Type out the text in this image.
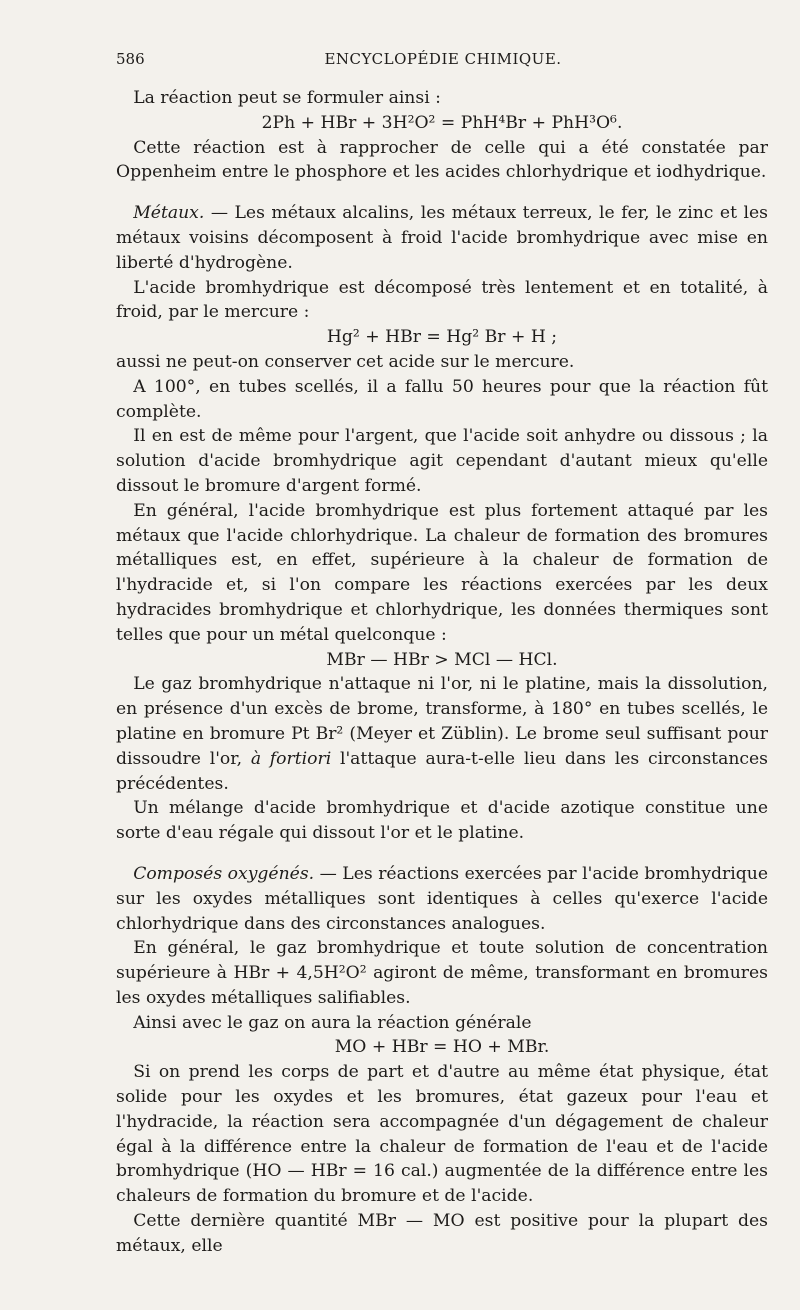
586	ENCYCLOPÉDIE CHIMIQUE.

La réaction peut se formuler ainsi :

2Ph + HBr + 3H²O² = PhH⁴Br + PhH³O⁶.

Cette réaction est à rapprocher de celle qui a été constatée par Oppenheim entre le phosphore et les acides chlorhydrique et iodhydrique.

Métaux. — Les métaux alcalins, les métaux terreux, le fer, le zinc et les métaux voisins décomposent à froid l'acide bromhydrique avec mise en liberté d'hydrogène.

L'acide bromhydrique est décomposé très lentement et en totalité, à froid, par le mercure :

Hg² + HBr = Hg² Br + H ;

aussi ne peut-on conserver cet acide sur le mercure.

A 100°, en tubes scellés, il a fallu 50 heures pour que la réaction fût complète.

Il en est de même pour l'argent, que l'acide soit anhydre ou dissous ; la solution d'acide bromhydrique agit cependant d'autant mieux qu'elle dissout le bromure d'argent formé.

En général, l'acide bromhydrique est plus fortement attaqué par les métaux que l'acide chlorhydrique. La chaleur de formation des bromures métalliques est, en effet, supérieure à la chaleur de formation de l'hydracide et, si l'on compare les réactions exercées par les deux hydracides bromhydrique et chlorhydrique, les données thermiques sont telles que pour un métal quelconque :

MBr — HBr > MCl — HCl.

Le gaz bromhydrique n'attaque ni l'or, ni le platine, mais la dissolution, en présence d'un excès de brome, transforme, à 180° en tubes scellés, le platine en bromure Pt Br² (Meyer et Züblin). Le brome seul suffisant pour dissoudre l'or, à fortiori l'attaque aura-t-elle lieu dans les circonstances précédentes.

Un mélange d'acide bromhydrique et d'acide azotique constitue une sorte d'eau régale qui dissout l'or et le platine.

Composés oxygénés. — Les réactions exercées par l'acide bromhydrique sur les oxydes métalliques sont identiques à celles qu'exerce l'acide chlorhydrique dans des circonstances analogues.

En général, le gaz bromhydrique et toute solution de concentration supérieure à HBr + 4,5H²O² agiront de même, transformant en bromures les oxydes métalliques salifiables.

Ainsi avec le gaz on aura la réaction générale

MO + HBr = HO + MBr.

Si on prend les corps de part et d'autre au même état physique, état solide pour les oxydes et les bromures, état gazeux pour l'eau et l'hydracide, la réaction sera accompagnée d'un dégagement de chaleur égal à la différence entre la chaleur de formation de l'eau et de l'acide bromhydrique (HO — HBr = 16 cal.) augmentée de la différence entre les chaleurs de formation du bromure et de l'acide.

Cette dernière quantité MBr — MO est positive pour la plupart des métaux, elle
